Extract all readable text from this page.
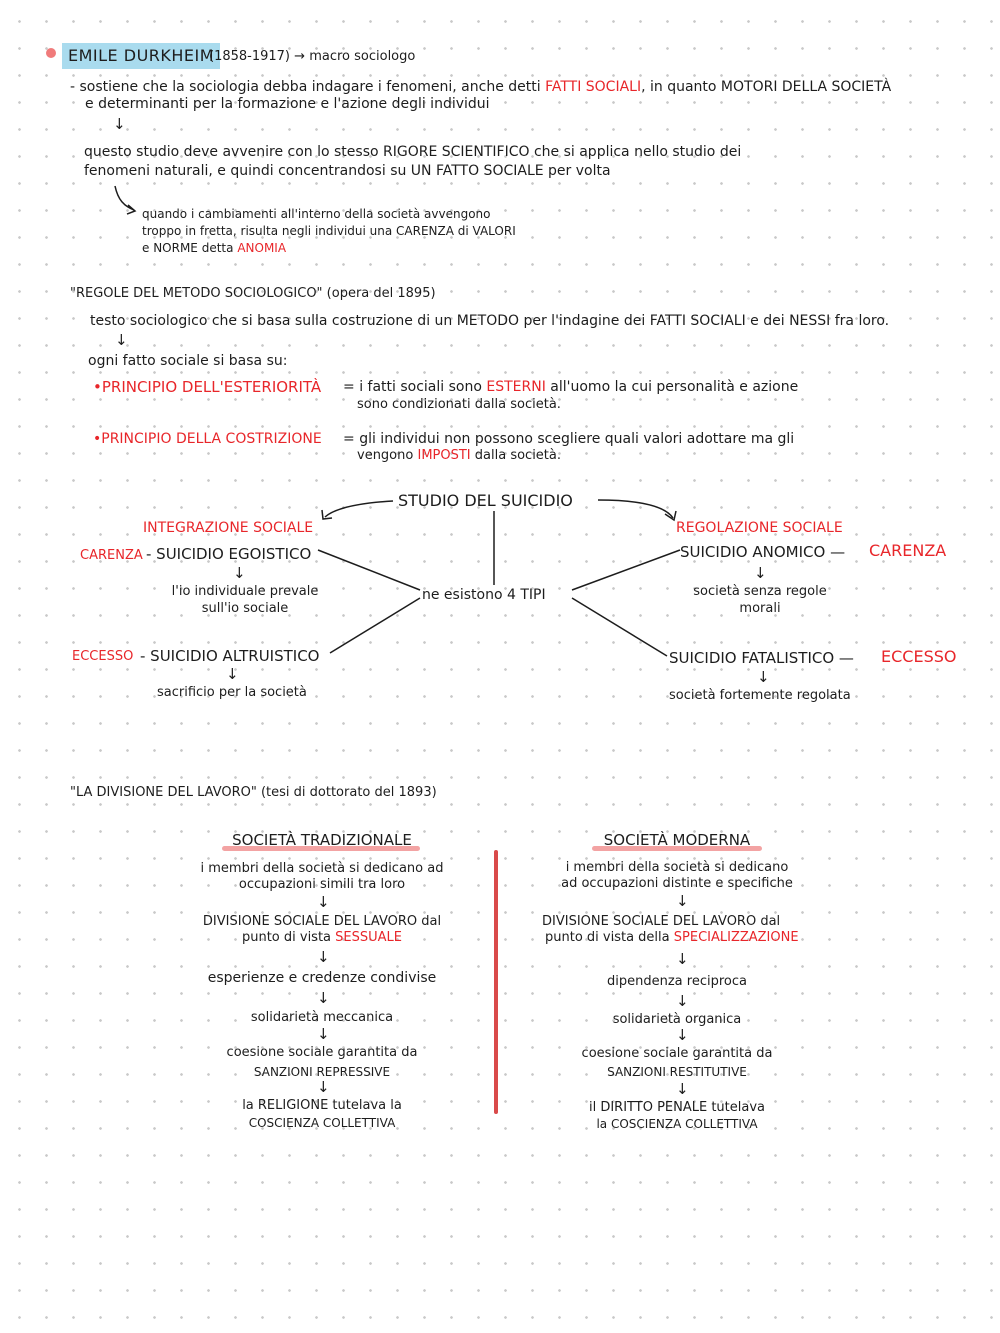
EMILE DURKHEIM
(1858-1917) → macro sociologo
- sostiene che la sociologia debba indagare i fenomeni, anche detti FATTI SOCIALI, in quanto MOTORI DELLA SOCIETÀ
e determinanti per la formazione e l'azione degli individui
↓
questo studio deve avvenire con lo stesso RIGORE SCIENTIFICO che si applica nello studio dei
fenomeni naturali, e quindi concentrandosi su UN FATTO SOCIALE per volta
quando i cambiamenti all'interno della società avvengono
troppo in fretta, risulta negli individui una CARENZA di VALORI
e NORME detta ANOMIA
"REGOLE DEL METODO SOCIOLOGICO" (opera del 1895)
testo sociologico che si basa sulla costruzione di un METODO per l'indagine dei FATTI SOCIALI e dei NESSI fra loro.
↓
ogni fatto sociale si basa su:
•PRINCIPIO DELL'ESTERIORITÀ = i fatti sociali sono ESTERNI all'uomo la cui personalità e azione
sono condizionati dalla società.
•PRINCIPIO DELLA COSTRIZIONE = gli individui non possono scegliere quali valori adottare ma gli
vengono IMPOSTI dalla società.
STUDIO DEL SUICIDIO
INTEGRAZIONE SOCIALE	REGOLAZIONE SOCIALE
CARENZA - SUICIDIO EGOISTICO
↓
l'io individuale prevale
sull'io sociale
ne esistono 4 TIPI
SUICIDIO ANOMICO — CARENZA
↓
società senza regole
morali
ECCESSO - SUICIDIO ALTRUISTICO
↓
sacrificio per la società
SUICIDIO FATALISTICO — ECCESSO
↓
società fortemente regolata
"LA DIVISIONE DEL LAVORO" (tesi di dottorato del 1893)
SOCIETÀ TRADIZIONALE
i membri della società si dedicano ad
occupazioni simili tra loro
↓
DIVISIONE SOCIALE DEL LAVORO dal
punto di vista SESSUALE
↓
esperienze e credenze condivise
↓
solidarietà meccanica
↓
coesione sociale garantita da
SANZIONI REPRESSIVE
↓
la RELIGIONE tutelava la
COSCIENZA COLLETTIVA
SOCIETÀ MODERNA
i membri della società si dedicano
ad occupazioni distinte e specifiche
↓
DIVISIONE SOCIALE DEL LAVORO dal
punto di vista della SPECIALIZZAZIONE
↓
dipendenza reciproca
↓
solidarietà organica
↓
coesione sociale garantita da
SANZIONI RESTITUTIVE
↓
il DIRITTO PENALE tutelava
la COSCIENZA COLLETTIVA
